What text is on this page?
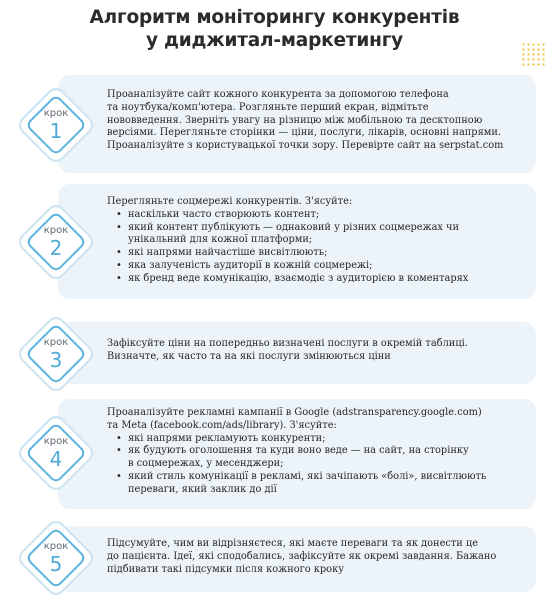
Алгоритм моніторингу конкурентів
у диджитал-маркетингу
Проаналізуйте сайт кожного конкурента за допомогою телефона
та ноутбука/комп'ютера. Розгляньте перший екран, відмітьте
нововведення. Зверніть увагу на різницю між мобільною та десктопною
версіями. Перегляньте сторінки — ціни, послуги, лікарів, основні напрями.
Проаналізуйте з користувацької точки зору. Перевірте сайт на serpstat.com
Перегляньте соцмережі конкурентів. З'ясуйте:
• наскільки часто створюють контент;
• який контент публікують — однаковий у різних соцмережах чи
унікальний для кожної платформи;
• які напрями найчастіше висвітлюють;
• яка залученість аудиторії в кожній соцмережі;
• як бренд веде комунікацію, взаємодіє з аудиторією в коментарях
Зафіксуйте ціни на попередньо визначені послуги в окремій таблиці.
Визначте, як часто та на які послуги змінюються ціни
Проаналізуйте рекламні кампанії в Google (adstransparency.google.com)
та Meta (facebook.com/ads/library). З'ясуйте:
• які напрями рекламують конкуренти;
• як будують оголошення та куди воно веде — на сайт, на сторінку
в соцмережах, у месенджери;
• який стиль комунікації в рекламі, які зачіпають «болі», висвітлюють
переваги, який заклик до дії
Підсумуйте, чим ви відрізняєтеся, які маєте переваги та як донести це
до пацієнта. Ідеї, які сподобались, зафіксуйте як окремі завдання. Бажано
підбивати такі підсумки після кожного кроку
крок
1
крок
2
крок
3
крок
4
крок
5
